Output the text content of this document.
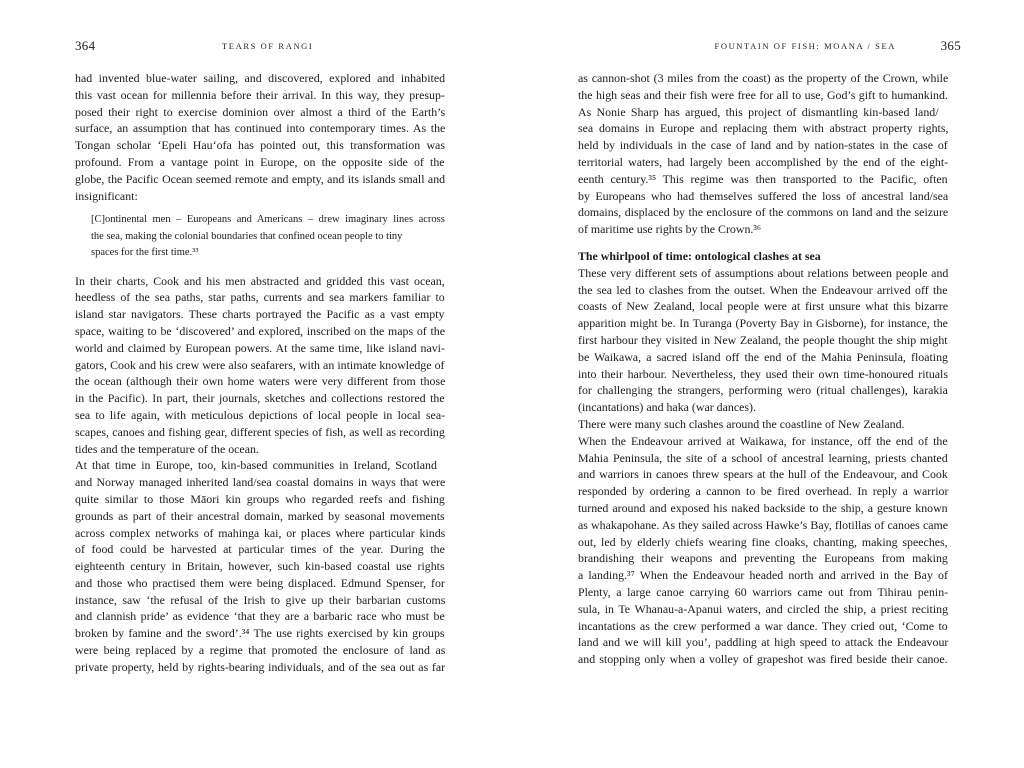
364	TEARS OF RANGI
had invented blue-water sailing, and discovered, explored and inhabited
this vast ocean for millennia before their arrival. In this way, they presup-
posed their right to exercise dominion over almost a third of the Earth’s
surface, an assumption that has continued into contemporary times. As the
Tongan scholar ‘Epeli Hau‘ofa has pointed out, this transformation was
profound. From a vantage point in Europe, on the opposite side of the
globe, the Pacific Ocean seemed remote and empty, and its islands small and
insignificant:
[C]ontinental men – Europeans and Americans – drew imaginary lines across
the sea, making the colonial boundaries that confined ocean people to tiny
spaces for the first time.³³
In their charts, Cook and his men abstracted and gridded this vast ocean,
heedless of the sea paths, star paths, currents and sea markers familiar to
island star navigators. These charts portrayed the Pacific as a vast empty
space, waiting to be ‘discovered’ and explored, inscribed on the maps of the
world and claimed by European powers. At the same time, like island navi-
gators, Cook and his crew were also seafarers, with an intimate knowledge of
the ocean (although their own home waters were very different from those
in the Pacific). In part, their journals, sketches and collections restored the
sea to life again, with meticulous depictions of local people in local sea-
scapes, canoes and fishing gear, different species of fish, as well as recording
tides and the temperature of the ocean.
At that time in Europe, too, kin-based communities in Ireland, Scotland
and Norway managed inherited land/sea coastal domains in ways that were
quite similar to those Māori kin groups who regarded reefs and fishing
grounds as part of their ancestral domain, marked by seasonal movements
across complex networks of mahinga kai, or places where particular kinds
of food could be harvested at particular times of the year. During the
eighteenth century in Britain, however, such kin-based coastal use rights
and those who practised them were being displaced. Edmund Spenser, for
instance, saw ‘the refusal of the Irish to give up their barbarian customs
and clannish pride’ as evidence ‘that they are a barbaric race who must be
broken by famine and the sword’.³⁴ The use rights exercised by kin groups
were being replaced by a regime that promoted the enclosure of land as
private property, held by rights-bearing individuals, and of the sea out as far
FOUNTAIN OF FISH: MOANA / SEA	365
as cannon-shot (3 miles from the coast) as the property of the Crown, while
the high seas and their fish were free for all to use, God’s gift to humankind.
As Nonie Sharp has argued, this project of dismantling kin-based land/
sea domains in Europe and replacing them with abstract property rights,
held by individuals in the case of land and by nation-states in the case of
territorial waters, had largely been accomplished by the end of the eight-
eenth century.³⁵ This regime was then transported to the Pacific, often
by Europeans who had themselves suffered the loss of ancestral land/sea
domains, displaced by the enclosure of the commons on land and the seizure
of maritime use rights by the Crown.³⁶
The whirlpool of time: ontological clashes at sea
These very different sets of assumptions about relations between people and
the sea led to clashes from the outset. When the Endeavour arrived off the
coasts of New Zealand, local people were at first unsure what this bizarre
apparition might be. In Turanga (Poverty Bay in Gisborne), for instance, the
first harbour they visited in New Zealand, the people thought the ship might
be Waikawa, a sacred island off the end of the Mahia Peninsula, floating
into their harbour. Nevertheless, they used their own time-honoured rituals
for challenging the strangers, performing wero (ritual challenges), karakia
(incantations) and haka (war dances).
There were many such clashes around the coastline of New Zealand.
When the Endeavour arrived at Waikawa, for instance, off the end of the
Mahia Peninsula, the site of a school of ancestral learning, priests chanted
and warriors in canoes threw spears at the hull of the Endeavour, and Cook
responded by ordering a cannon to be fired overhead. In reply a warrior
turned around and exposed his naked backside to the ship, a gesture known
as whakapohane. As they sailed across Hawke’s Bay, flotillas of canoes came
out, led by elderly chiefs wearing fine cloaks, chanting, making speeches,
brandishing their weapons and preventing the Europeans from making
a landing.³⁷ When the Endeavour headed north and arrived in the Bay of
Plenty, a large canoe carrying 60 warriors came out from Tihirau penin-
sula, in Te Whanau-a-Apanui waters, and circled the ship, a priest reciting
incantations as the crew performed a war dance. They cried out, ‘Come to
land and we will kill you’, paddling at high speed to attack the Endeavour
and stopping only when a volley of grapeshot was fired beside their canoe.
